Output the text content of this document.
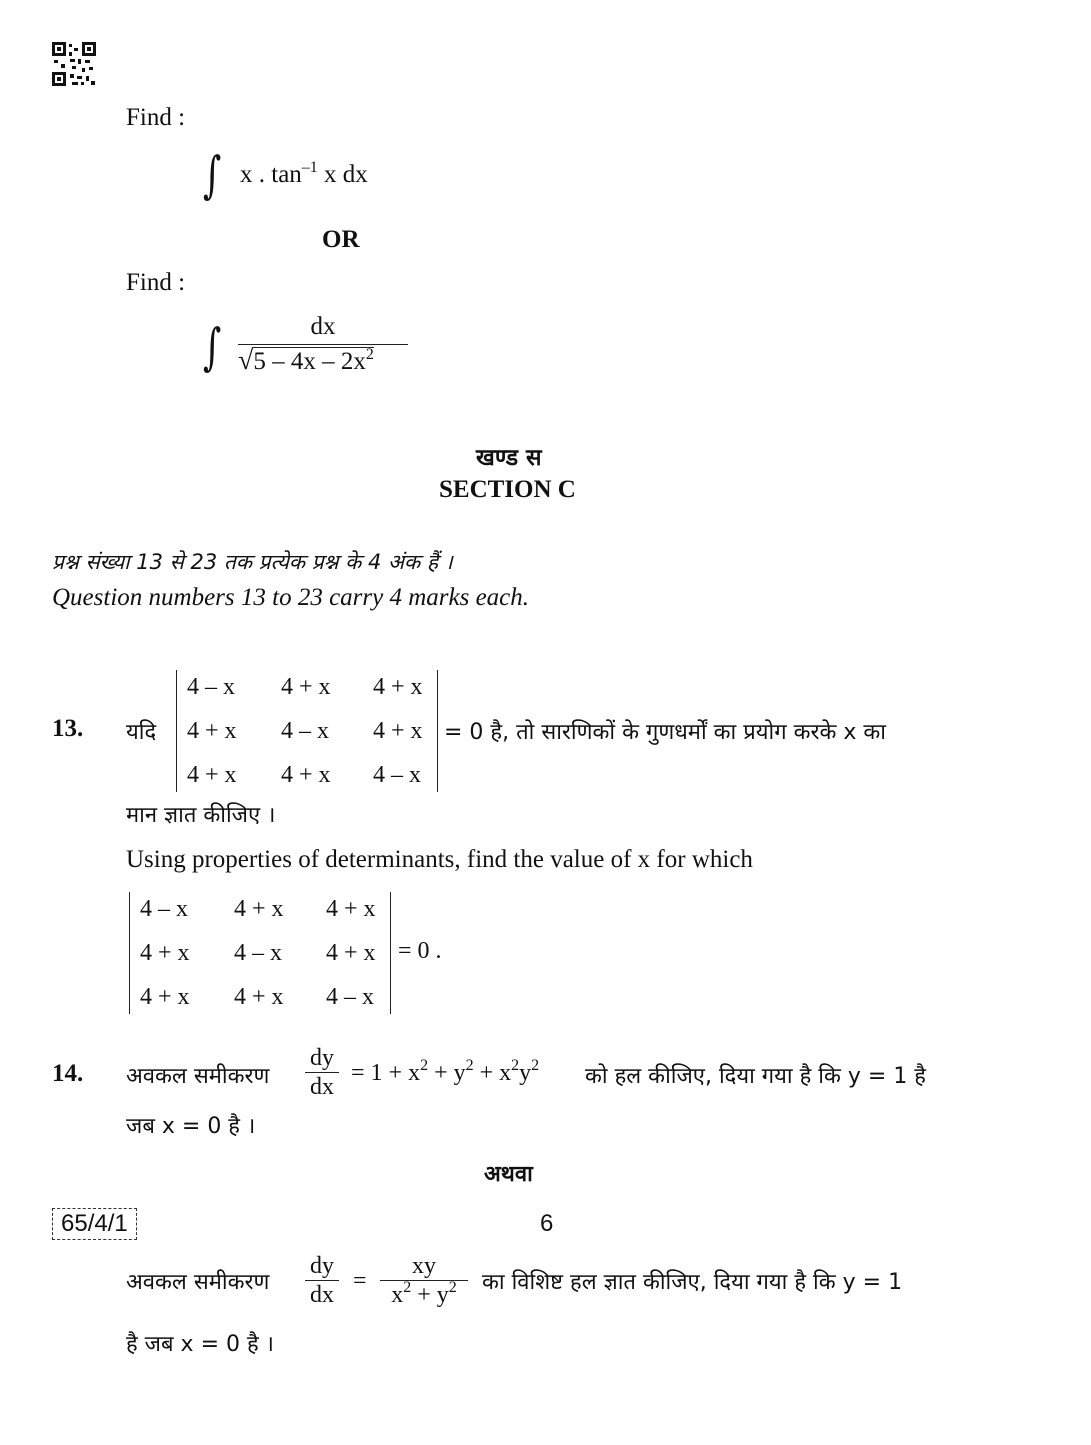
Find :
∫ x . $\tan^{-1} x$ dx
OR
Find :
∫	dx
$√5 - 4x - 2x^2$
खण्ड स
SECTION C
प्रश्न संख्या 13 से 23 तक प्रत्येक प्रश्न के 4 अंक हैं ।
Question numbers 13 to 23 carry 4 marks each.
13. यदि
4 – x 4 + x 4 + x
4 + x 4 – x 4 + x
4 + x 4 + x 4 – x
= 0 है, तो सारणिकों के गुणधर्मों का प्रयोग करके x का
मान ज्ञात कीजिए ।
Using properties of determinants, find the value of x for which
4 – x 4 + x 4 + x
4 + x 4 – x 4 + x
4 + x 4 + x 4 – x
= 0 .
14. अवकल समीकरण
dy
dx
= $1 + x^2 + y^2 + x^2y^2$ को हल कीजिए, दिया गया है कि y = 1 है
जब x = 0 है ।
अथवा
अवकल समीकरण
dy
dx
=
xy
$x^2 + y^2$ का विशिष्ट हल ज्ञात कीजिए, दिया गया है कि y = 1
है जब x = 0 है ।
65/4/1	6
